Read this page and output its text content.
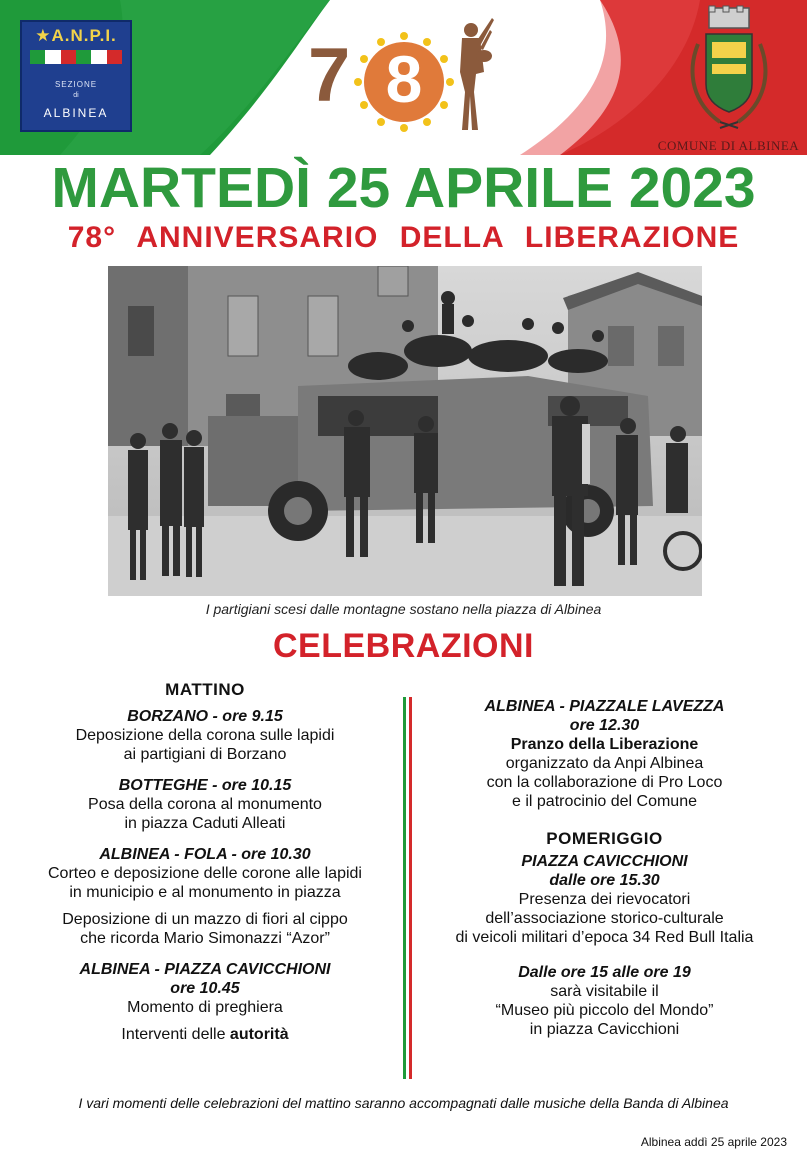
★A.N.P.I.
SEZIONE
di
ALBINEA	7 8
COMUNE DI ALBINEA
MARTEDÌ 25 APRILE 2023
78° ANNIVERSARIO DELLA LIBERAZIONE
I partigiani scesi dalle montagne sostano nella piazza di Albinea
CELEBRAZIONI
MATTINO
BORZANO - ore 9.15
Deposizione della corona sulle lapidi
ai partigiani di Borzano
BOTTEGHE - ore 10.15
Posa della corona al monumento
in piazza Caduti Alleati
ALBINEA - FOLA - ore 10.30
Corteo e deposizione delle corone alle lapidi
in municipio e al monumento in piazza
Deposizione di un mazzo di fiori al cippo
che ricorda Mario Simonazzi “Azor”
ALBINEA - PIAZZA CAVICCHIONI
ore 10.45
Momento di preghiera
Interventi delle autorità
ALBINEA - PIAZZALE LAVEZZA
ore 12.30
Pranzo della Liberazione
organizzato da Anpi Albinea
con la collaborazione di Pro Loco
e il patrocinio del Comune
POMERIGGIO
PIAZZA CAVICCHIONI
dalle ore 15.30
Presenza dei rievocatori
dell’associazione storico-culturale
di veicoli militari d’epoca 34 Red Bull Italia
Dalle ore 15 alle ore 19
sarà visitabile il
“Museo più piccolo del Mondo”
in piazza Cavicchioni
I vari momenti delle celebrazioni del mattino saranno accompagnati dalle musiche della Banda di Albinea
Albinea addì 25 aprile 2023
